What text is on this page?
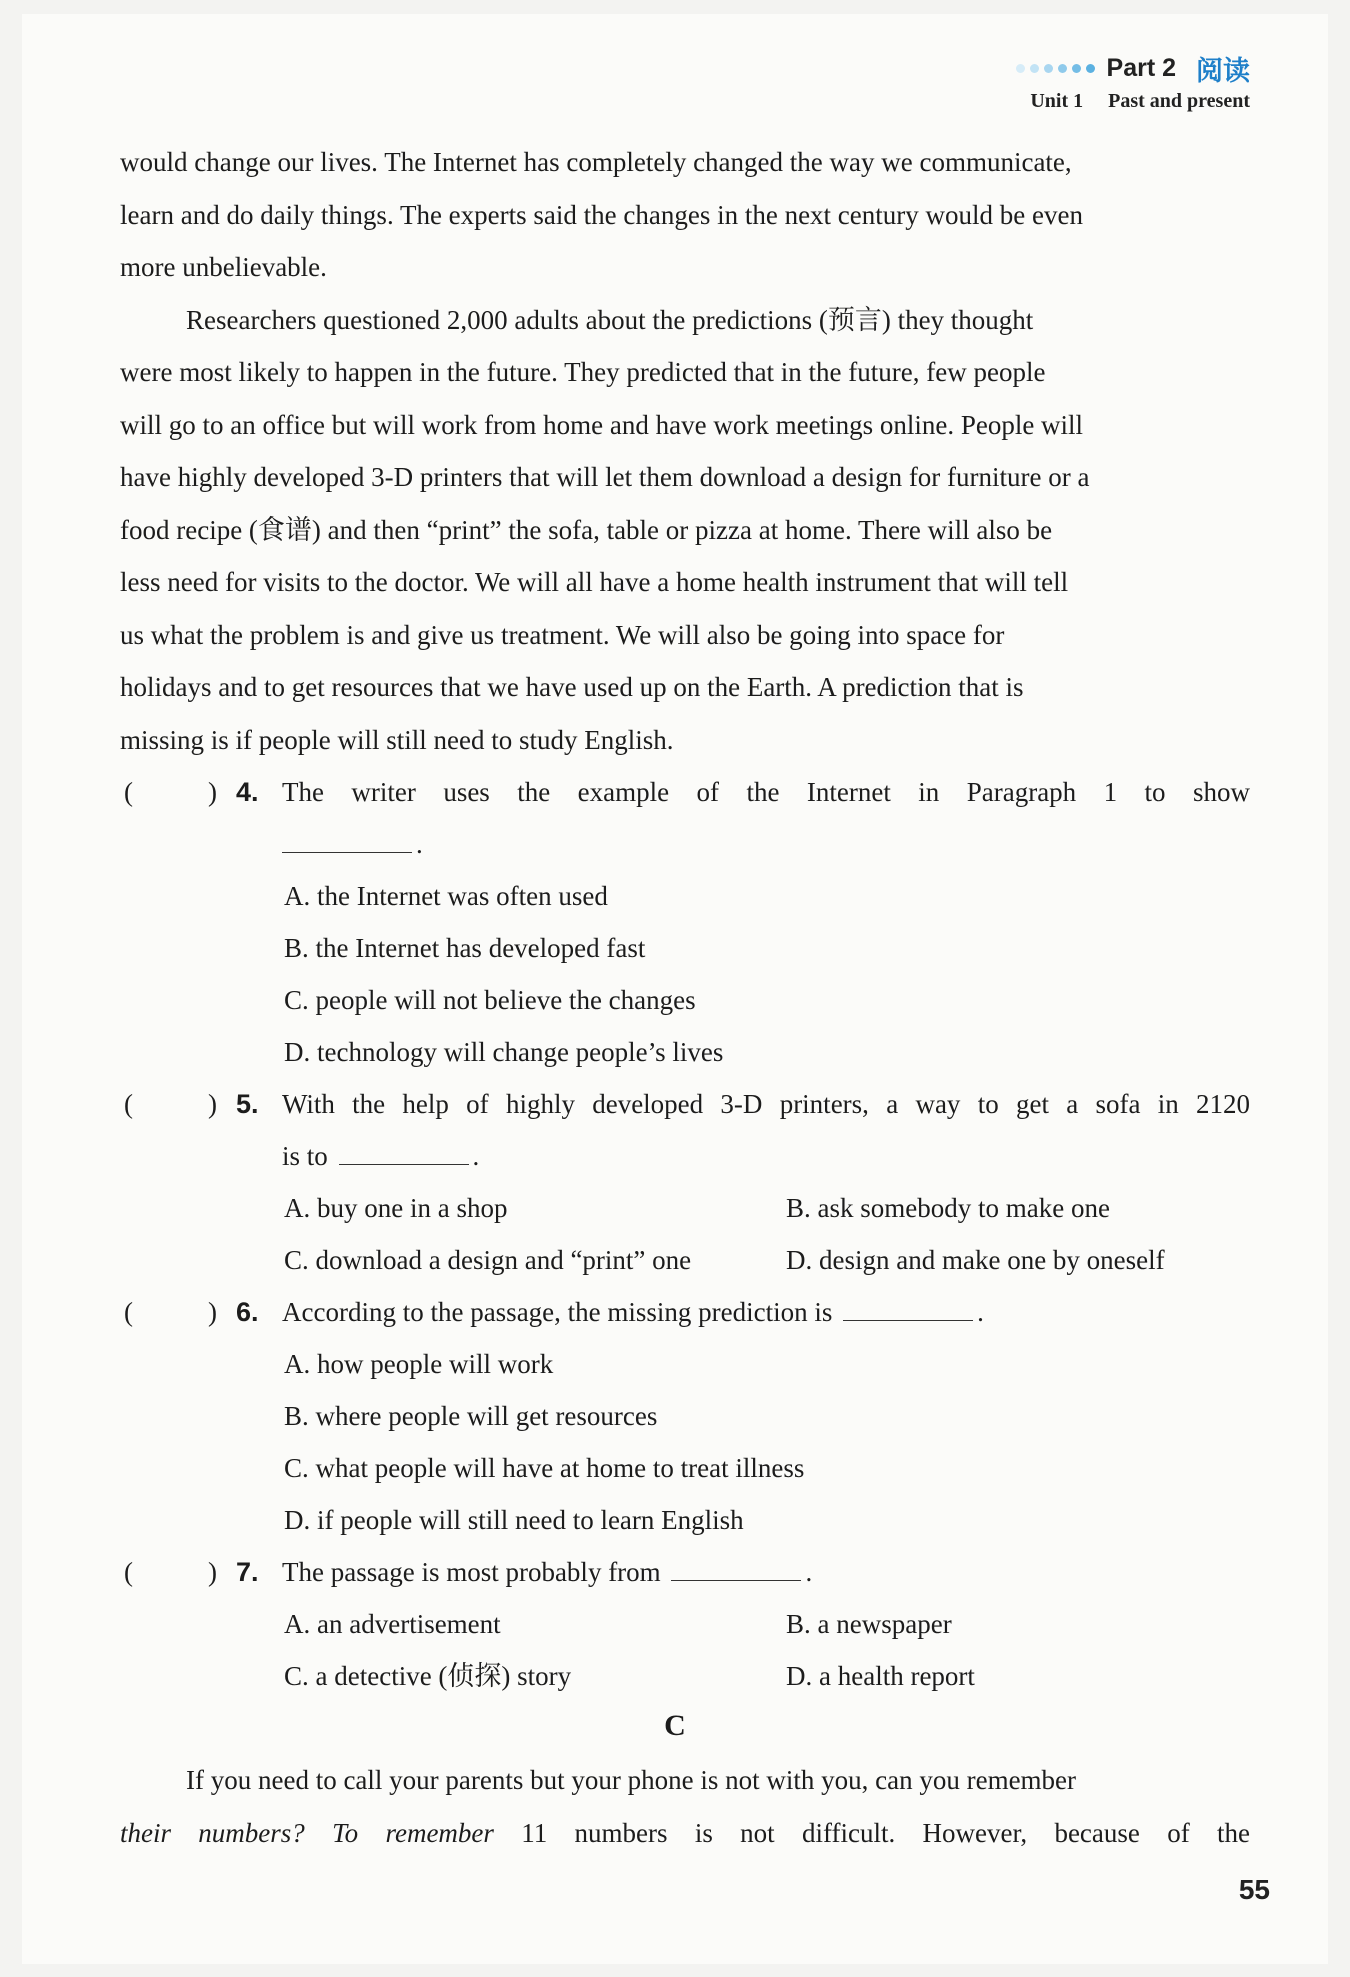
Part 2 阅读
Unit 1 Past and present

would change our lives. The Internet has completely changed the way we communicate,

learn and do daily things. The experts said the changes in the next century would be even

more unbelievable.

Researchers questioned 2,000 adults about the predictions (预言) they thought

were most likely to happen in the future. They predicted that in the future, few people

will go to an office but will work from home and have work meetings online. People will

have highly developed 3-D printers that will let them download a design for furniture or a

food recipe (食谱) and then “print” the sofa, table or pizza at home. There will also be

less need for visits to the doctor. We will all have a home health instrument that will tell

us what the problem is and give us treatment. We will also be going into space for

holidays and to get resources that we have used up on the Earth. A prediction that is

missing is if people will still need to study English.

(	) 4. The writer uses the example of the Internet in Paragraph 1 to show
.
A. the Internet was often used
B. the Internet has developed fast
C. people will not believe the changes
D. technology will change people’s lives
(	) 5. With the help of highly developed 3-D printers, a way to get a sofa in 2120
is to	.
A. buy one in a shop	B. ask somebody to make one
C. download a design and “print” one	D. design and make one by oneself
(	) 6. According to the passage, the missing prediction is	.
A. how people will work
B. where people will get resources
C. what people will have at home to treat illness
D. if people will still need to learn English
(	) 7. The passage is most probably from	.
A. an advertisement	B. a newspaper
C. a detective (侦探) story	D. a health report
C

If you need to call your parents but your phone is not with you, can you remember

their numbers? To remember 11 numbers is not difficult. However, because of the

55
